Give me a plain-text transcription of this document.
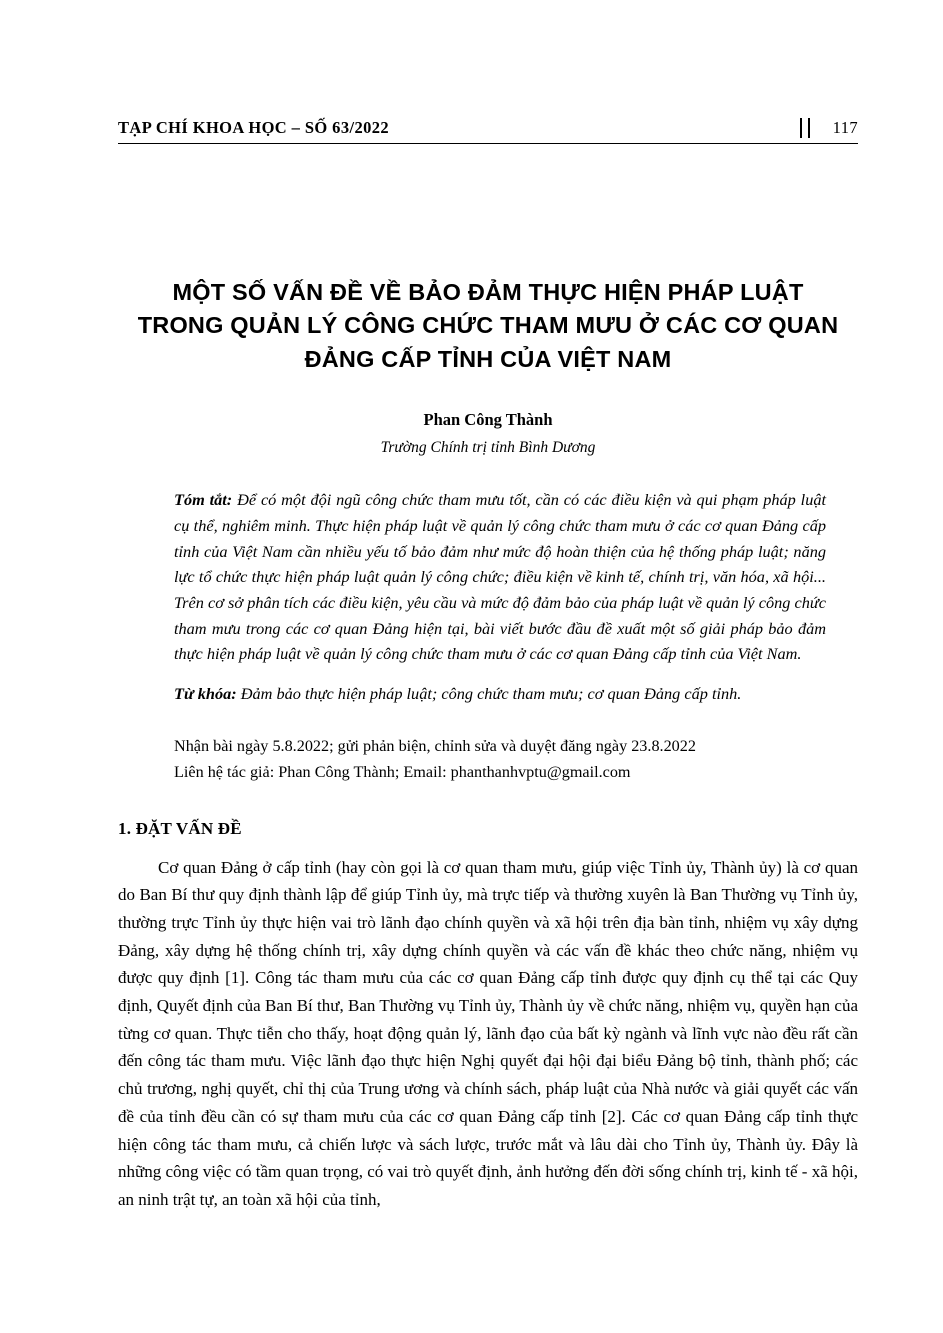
TẠP CHÍ KHOA HỌC – SỐ 63/2022	117
MỘT SỐ VẤN ĐỀ VỀ BẢO ĐẢM THỰC HIỆN PHÁP LUẬT
TRONG QUẢN LÝ CÔNG CHỨC THAM MƯU Ở CÁC CƠ QUAN
ĐẢNG CẤP TỈNH CỦA VIỆT NAM
Phan Công Thành
Trường Chính trị tỉnh Bình Dương

Tóm tắt: Để có một đội ngũ công chức tham mưu tốt, cần có các điều kiện và qui phạm pháp luật cụ thể, nghiêm minh. Thực hiện pháp luật về quản lý công chức tham mưu ở các cơ quan Đảng cấp tỉnh của Việt Nam cần nhiều yếu tố bảo đảm như mức độ hoàn thiện của hệ thống pháp luật; năng lực tổ chức thực hiện pháp luật quản lý công chức; điều kiện về kinh tế, chính trị, văn hóa, xã hội... Trên cơ sở phân tích các điều kiện, yêu cầu và mức độ đảm bảo của pháp luật về quản lý công chức tham mưu trong các cơ quan Đảng hiện tại, bài viết bước đầu đề xuất một số giải pháp bảo đảm thực hiện pháp luật về quản lý công chức tham mưu ở các cơ quan Đảng cấp tỉnh của Việt Nam.

Từ khóa: Đảm bảo thực hiện pháp luật; công chức tham mưu; cơ quan Đảng cấp tỉnh.

Nhận bài ngày 5.8.2022; gửi phản biện, chỉnh sửa và duyệt đăng ngày 23.8.2022
Liên hệ tác giả: Phan Công Thành; Email: phanthanhvptu@gmail.com
1. ĐẶT VẤN ĐỀ

Cơ quan Đảng ở cấp tỉnh (hay còn gọi là cơ quan tham mưu, giúp việc Tỉnh ủy, Thành ủy) là cơ quan do Ban Bí thư quy định thành lập để giúp Tỉnh ủy, mà trực tiếp và thường xuyên là Ban Thường vụ Tỉnh ủy, thường trực Tỉnh ủy thực hiện vai trò lãnh đạo chính quyền và xã hội trên địa bàn tỉnh, nhiệm vụ xây dựng Đảng, xây dựng hệ thống chính trị, xây dựng chính quyền và các vấn đề khác theo chức năng, nhiệm vụ được quy định [1]. Công tác tham mưu của các cơ quan Đảng cấp tỉnh được quy định cụ thể tại các Quy định, Quyết định của Ban Bí thư, Ban Thường vụ Tỉnh ủy, Thành ủy về chức năng, nhiệm vụ, quyền hạn của từng cơ quan. Thực tiễn cho thấy, hoạt động quản lý, lãnh đạo của bất kỳ ngành và lĩnh vực nào đều rất cần đến công tác tham mưu. Việc lãnh đạo thực hiện Nghị quyết đại hội đại biểu Đảng bộ tỉnh, thành phố; các chủ trương, nghị quyết, chỉ thị của Trung ương và chính sách, pháp luật của Nhà nước và giải quyết các vấn đề của tỉnh đều cần có sự tham mưu của các cơ quan Đảng cấp tỉnh [2]. Các cơ quan Đảng cấp tỉnh thực hiện công tác tham mưu, cả chiến lược và sách lược, trước mắt và lâu dài cho Tỉnh ủy, Thành ủy. Đây là những công việc có tầm quan trọng, có vai trò quyết định, ảnh hưởng đến đời sống chính trị, kinh tế - xã hội, an ninh trật tự, an toàn xã hội của tỉnh,
